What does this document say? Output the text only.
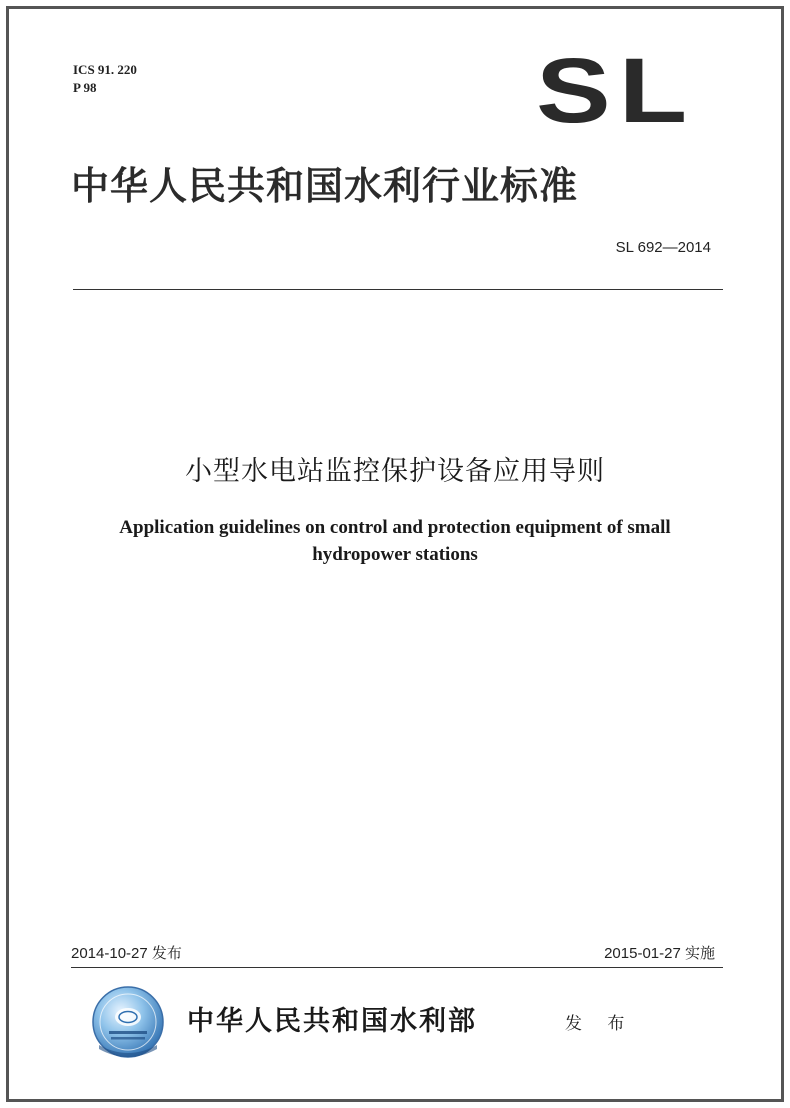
ICS 91. 220
P 98	SL
中华人民共和国水利行业标准
SL 692—2014
小型水电站监控保护设备应用导则
Application guidelines on control and protection equipment of small
hydropower stations
2014-10-27 发布	2015-01-27 实施
中华人民共和国水利部	发 布
